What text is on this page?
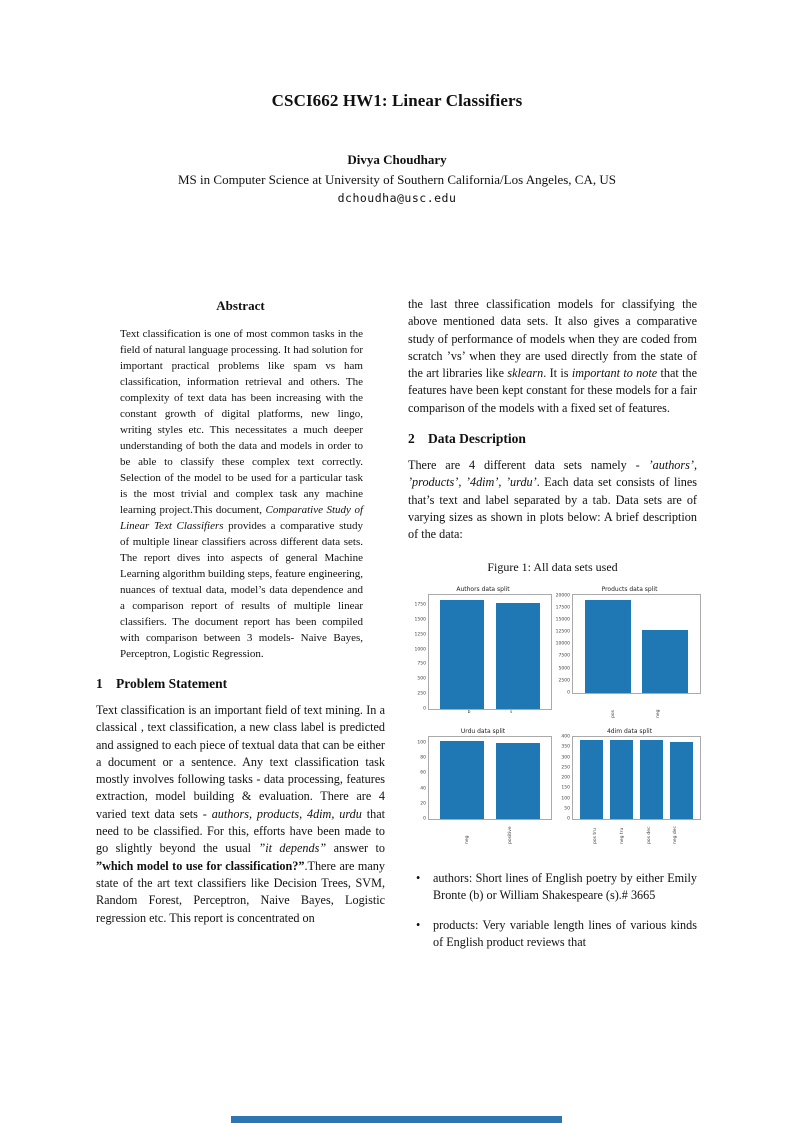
CSCI662 HW1: Linear Classifiers
Divya Choudhary
MS in Computer Science at University of Southern California/Los Angeles, CA, US
dchoudha@usc.edu
Abstract
Text classification is one of most common tasks in the field of natural language processing. It had solution for important practical problems like spam vs ham classification, information retrieval and others. The complexity of text data has been increasing with the constant growth of digital platforms, new lingo, writing styles etc. This necessitates a much deeper understanding of both the data and models in order to be able to classify these complex text correctly. Selection of the model to be used for a particular task is the most trivial and complex task any machine learning project.This document, Comparative Study of Linear Text Classifiers provides a comparative study of multiple linear classifiers across different data sets. The report dives into aspects of general Machine Learning algorithm building steps, feature engineering, nuances of textual data, model’s data dependence and a comparison report of results of multiple linear classifiers. The document report has been compiled with comparison between 3 models- Naive Bayes, Perceptron, Logistic Regression.
1 Problem Statement

Text classification is an important field of text mining. In a classical , text classification, a new class label is predicted and assigned to each piece of textual data that can be either a document or a sentence. Any text classification task mostly involves following tasks - data processing, features extraction, model building & evaluation. There are 4 varied text data sets - authors, products, 4dim, urdu that need to be classified. For this, efforts have been made to go slightly beyond the usual ”it depends” answer to ”which model to use for classification?”.There are many state of the art text classifiers like Decision Trees, SVM, Random Forest, Perceptron, Naive Bayes, Logistic regression etc. This report is concentrated on

the last three classification models for classifying the above mentioned data sets. It also gives a comparative study of performance of models when they are coded from scratch ’vs’ when they are used directly from the state of the art libraries like sklearn. It is important to note that the features have been kept constant for these models for a fair comparison of the models with a fixed set of features.

2 Data Description

There are 4 different data sets namely - ’authors’, ’products’, ’4dim’, ’urdu’. Each data set consists of lines that’s text and label separated by a tab. Data sets are of varying sizes as shown in plots below: A brief description of the data:

Figure 1: All data sets used
Authors data split
0
250
500
750
1000
1250
1500
1750
b	s
Products data split
0
2500
5000
7500
10000
12500
15000
17500
20000
pos	neg
Urdu data split
0
20
40
60
80
100
neg	positive
4dim data split
0
50
100
150
200
250
300
350
400
pos tru	neg tru	pos dec	neg dec
•	authors: Short lines of English poetry by either Emily Bronte (b) or William Shakespeare (s).# 3665
•	products: Very variable length lines of various kinds of English product reviews that
